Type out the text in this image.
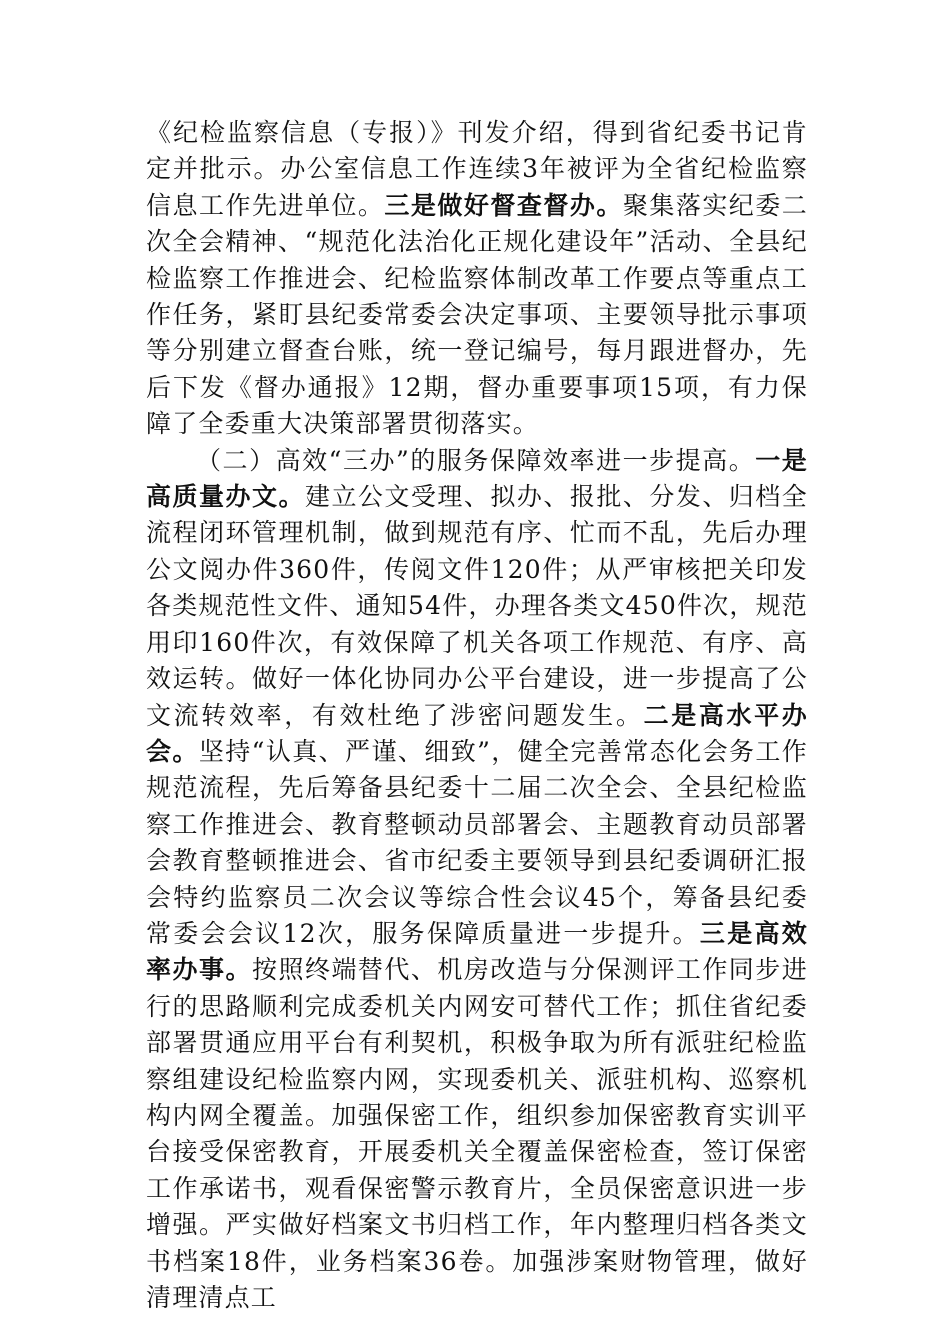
《纪检监察信息（专报）》刊发介绍，得到省纪委书记肯定并批示。办公室信息工作连续3年被评为全省纪检监察信息工作先进单位。三是做好督查督办。聚集落实纪委二次全会精神、“规范化法治化正规化建设年”活动、全县纪检监察工作推进会、纪检监察体制改革工作要点等重点工作任务，紧盯县纪委常委会决定事项、主要领导批示事项等分别建立督查台账，统一登记编号，每月跟进督办，先后下发《督办通报》12期，督办重要事项15项，有力保障了全委重大决策部署贯彻落实。

（二）高效“三办”的服务保障效率进一步提高。一是高质量办文。建立公文受理、拟办、报批、分发、归档全流程闭环管理机制，做到规范有序、忙而不乱，先后办理公文阅办件360件，传阅文件120件；从严审核把关印发各类规范性文件、通知54件，办理各类文450件次，规范用印160件次，有效保障了机关各项工作规范、有序、高效运转。做好一体化协同办公平台建设，进一步提高了公文流转效率，有效杜绝了涉密问题发生。二是高水平办会。坚持“认真、严谨、细致”，健全完善常态化会务工作规范流程，先后筹备县纪委十二届二次全会、全县纪检监察工作推进会、教育整顿动员部署会、主题教育动员部署会教育整顿推进会、省市纪委主要领导到县纪委调研汇报会特约监察员二次会议等综合性会议45个，筹备县纪委常委会会议12次，服务保障质量进一步提升。三是高效率办事。按照终端替代、机房改造与分保测评工作同步进行的思路顺利完成委机关内网安可替代工作；抓住省纪委部署贯通应用平台有利契机，积极争取为所有派驻纪检监察组建设纪检监察内网，实现委机关、派驻机构、巡察机构内网全覆盖。加强保密工作，组织参加保密教育实训平台接受保密教育，开展委机关全覆盖保密检查，签订保密工作承诺书，观看保密警示教育片，全员保密意识进一步增强。严实做好档案文书归档工作，年内整理归档各类文书档案18件，业务档案36卷。加强涉案财物管理，做好清理清点工
